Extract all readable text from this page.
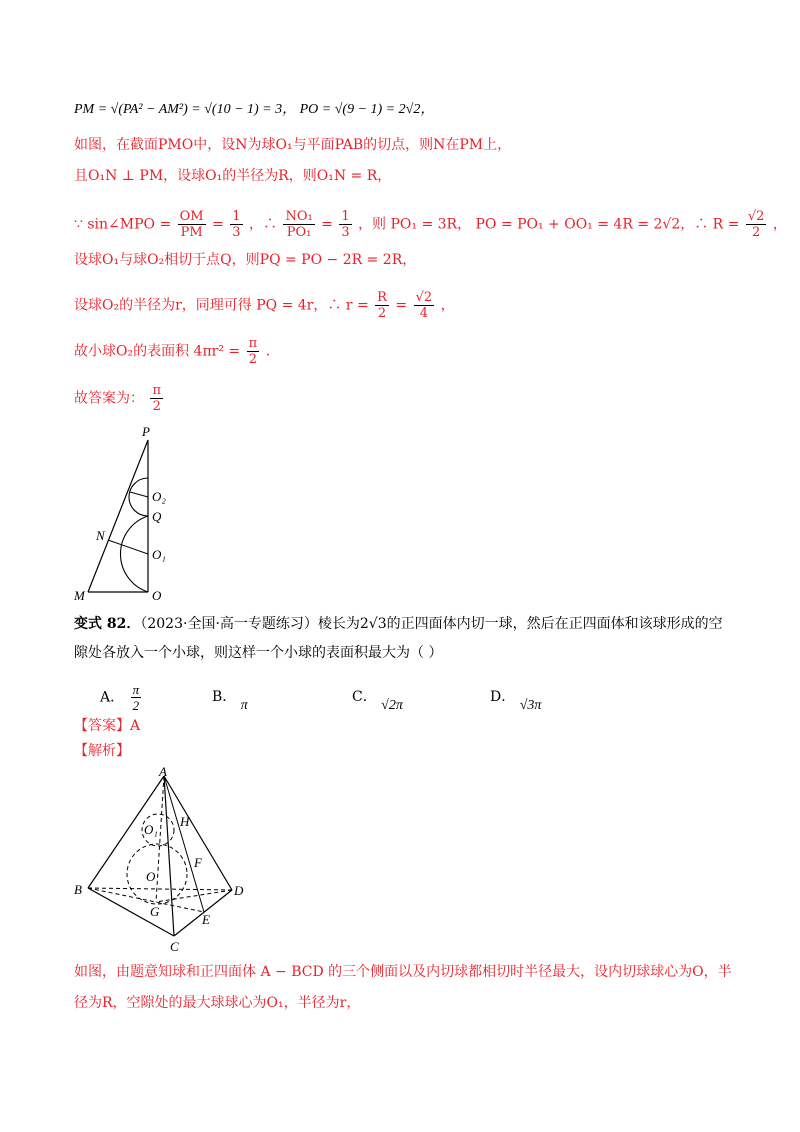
PM = √(PA² − AM²) = √(10 − 1) = 3， PO = √(9 − 1) = 2√2，
如图，在截面PMO中，设N为球O₁与平面PAB的切点，则N在PM上，
且O₁N ⊥ PM，设球O₁的半径为R，则O₁N = R，
∵ sin∠MPO = $\frac{OM}{PM} = \frac{1}{3}$ ，∴ $\frac{\text{NO₁}}{\text{PO₁}} = \frac{1}{3}$ ，则 PO₁ = 3R， PO = PO₁ + OO₁ = 4R = 2√2，∴ $R = \frac{√2}{2}$ ，
设球O₁与球O₂相切于点Q，则PQ = PO − 2R = 2R，
设球O₂的半径为r，同理可得 PQ = 4r，∴ $r = \frac{R}{2} = \frac{√2}{4}$ ，
故小球O₂的表面积 $4\pi r^2 = \frac{\pi}{2}$ .
故答案为： $\frac{\pi}{2}$
P
O₂
Q
N
O₁
M	O
变式 82．（2023·全国·高一专题练习）棱长为2√3的正四面体内切一球，然后在正四面体和该球形成的空
隙处各放入一个小球，则这样一个小球的表面积最大为（ ）
A． $\frac{\pi}{2}$	B． π
C． √2π
D． √3π
【答案】A
【解析】
A
H
O₁
F
O
B	D
G
E
C
如图，由题意知球和正四面体 A − BCD 的三个侧面以及内切球都相切时半径最大，设内切球球心为O，半
径为R，空隙处的最大球球心为O₁，半径为r，
